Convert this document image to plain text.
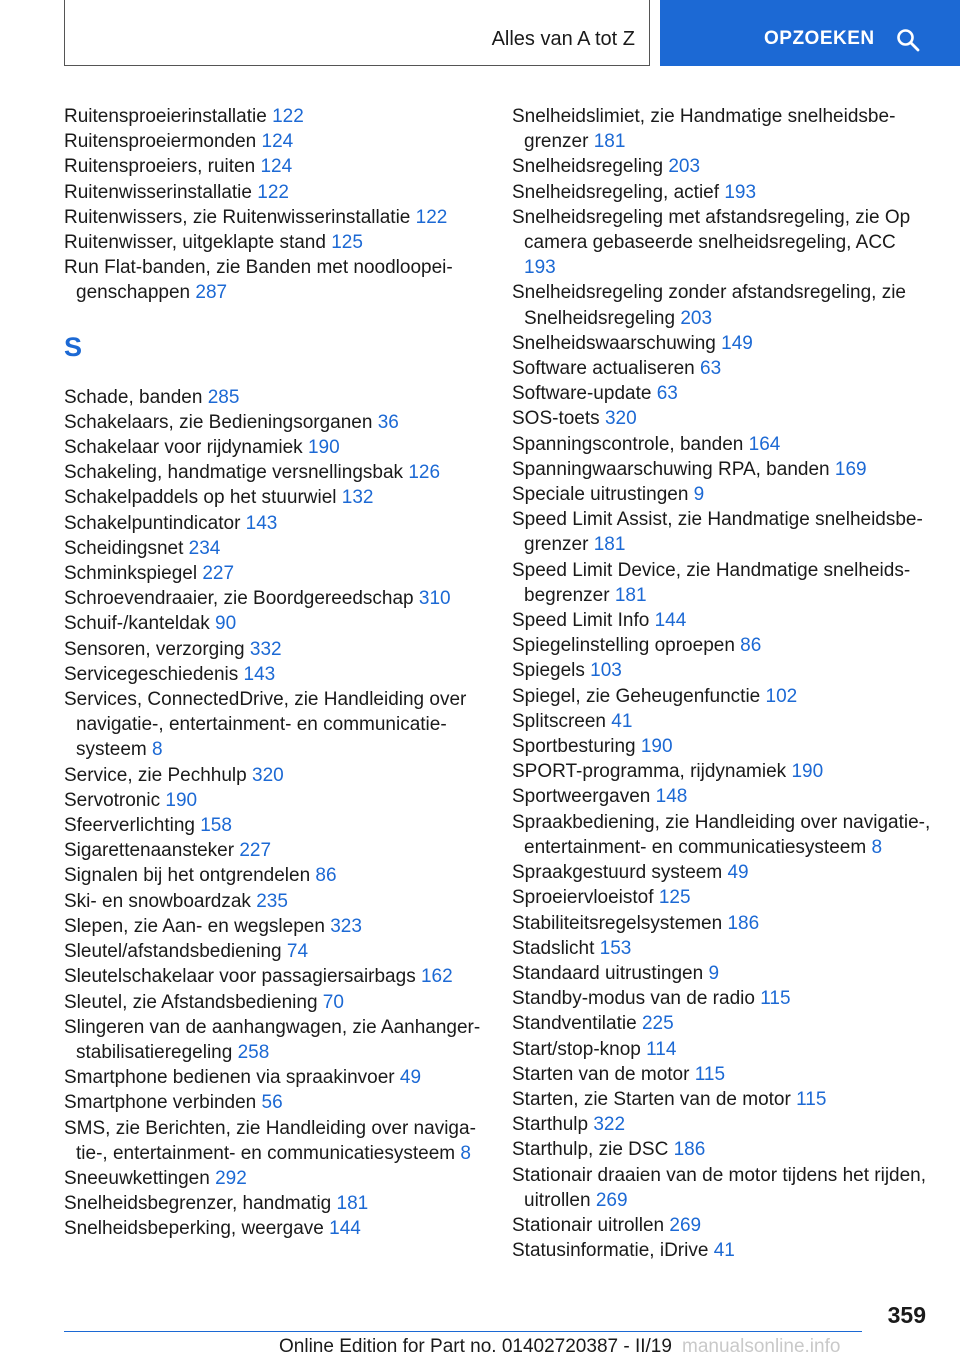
Alles van A tot Z	OPZOEKEN
Ruitensproeierinstallatie 122
Ruitensproeiermonden 124
Ruitensproeiers, ruiten 124
Ruitenwisserinstallatie 122
Ruitenwissers, zie Ruitenwisserinstallatie 122
Ruitenwisser, uitgeklapte stand 125
Run Flat-banden, zie Banden met noodloopeigenschappen 287
S
Schade, banden 285
Schakelaars, zie Bedieningsorganen 36
Schakelaar voor rijdynamiek 190
Schakeling, handmatige versnellingsbak 126
Schakelpaddels op het stuurwiel 132
Schakelpuntindicator 143
Scheidingsnet 234
Schminkspiegel 227
Schroevendraaier, zie Boordgereedschap 310
Schuif-/kanteldak 90
Sensoren, verzorging 332
Servicegeschiedenis 143
Services, ConnectedDrive, zie Handleiding over navigatie-, entertainment- en communicatiesysteem 8
Service, zie Pechhulp 320
Servotronic 190
Sfeerverlichting 158
Sigarettenaansteker 227
Signalen bij het ontgrendelen 86
Ski- en snowboardzak 235
Slepen, zie Aan- en wegslepen 323
Sleutel/afstandsbediening 74
Sleutelschakelaar voor passagiersairbags 162
Sleutel, zie Afstandsbediening 70
Slingeren van de aanhangwagen, zie Aanhangerstabilisatieregeling 258
Smartphone bedienen via spraakinvoer 49
Smartphone verbinden 56
SMS, zie Berichten, zie Handleiding over navigatie-, entertainment- en communicatiesysteem 8
Sneeuwkettingen 292
Snelheidsbegrenzer, handmatig 181
Snelheidsbeperking, weergave 144
Snelheidslimiet, zie Handmatige snelheidsbegrenzer 181
Snelheidsregeling 203
Snelheidsregeling, actief 193
Snelheidsregeling met afstandsregeling, zie Op camera gebaseerde snelheidsregeling, ACC 193
Snelheidsregeling zonder afstandsregeling, zie Snelheidsregeling 203
Snelheidswaarschuwing 149
Software actualiseren 63
Software-update 63
SOS-toets 320
Spanningscontrole, banden 164
Spanningwaarschuwing RPA, banden 169
Speciale uitrustingen 9
Speed Limit Assist, zie Handmatige snelheidsbegrenzer 181
Speed Limit Device, zie Handmatige snelheidsbegrenzer 181
Speed Limit Info 144
Spiegelinstelling oproepen 86
Spiegels 103
Spiegel, zie Geheugenfunctie 102
Splitscreen 41
Sportbesturing 190
SPORT-programma, rijdynamiek 190
Sportweergaven 148
Spraakbediening, zie Handleiding over navigatie-, entertainment- en communicatiesysteem 8
Spraakgestuurd systeem 49
Sproeiervloeistof 125
Stabiliteitsregelsystemen 186
Stadslicht 153
Standaard uitrustingen 9
Standby-modus van de radio 115
Standventilatie 225
Start/stop-knop 114
Starten van de motor 115
Starten, zie Starten van de motor 115
Starthulp 322
Starthulp, zie DSC 186
Stationair draaien van de motor tijdens het rijden, uitrollen 269
Stationair uitrollen 269
Statusinformatie, iDrive 41
359
Online Edition for Part no. 01402720387 - II/19 manualsonline.info
